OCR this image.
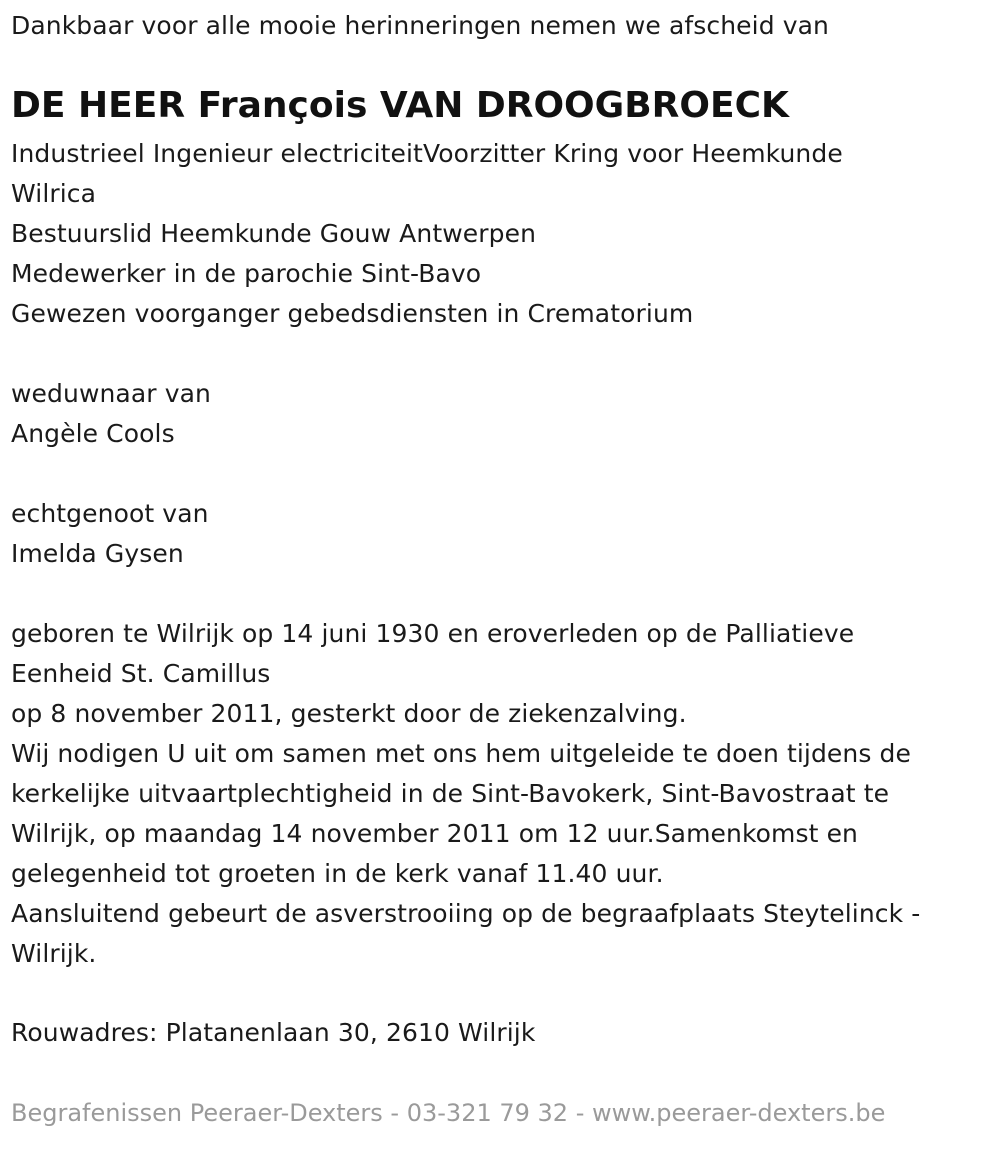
Dankbaar voor alle mooie herinneringen nemen we afscheid van
DE HEER François VAN DROOGBROECK
Industrieel Ingenieur electriciteitVoorzitter Kring voor Heemkunde
Wilrica
Bestuurslid Heemkunde Gouw Antwerpen
Medewerker in de parochie Sint-Bavo
Gewezen voorganger gebedsdiensten in Crematorium
weduwnaar van
Angèle Cools
echtgenoot van
Imelda Gysen
geboren te Wilrijk op 14 juni 1930 en eroverleden op de Palliatieve
Eenheid St. Camillus
op 8 november 2011, gesterkt door de ziekenzalving.
Wij nodigen U uit om samen met ons hem uitgeleide te doen tijdens de
kerkelijke uitvaartplechtigheid in de Sint-Bavokerk, Sint-Bavostraat te
Wilrijk, op maandag 14 november 2011 om 12 uur.Samenkomst en
gelegenheid tot groeten in de kerk vanaf 11.40 uur.
Aansluitend gebeurt de asverstrooiing op de begraafplaats Steytelinck -
Wilrijk.
Rouwadres: Platanenlaan 30, 2610 Wilrijk
Begrafenissen Peeraer-Dexters - 03-321 79 32 - www.peeraer-dexters.be
